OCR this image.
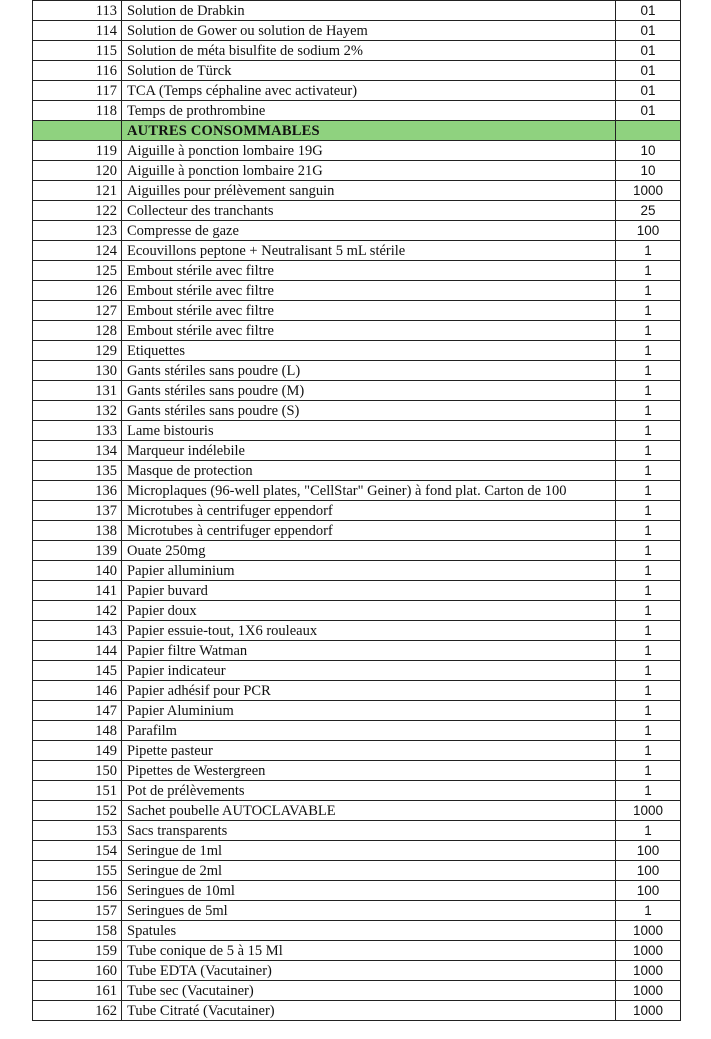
113	Solution de Drabkin	01
114	Solution de Gower ou solution de Hayem	01
115	Solution de méta bisulfite de sodium 2%	01
116	Solution de Türck	01
117	TCA (Temps céphaline avec activateur)	01
118	Temps de prothrombine	01
	AUTRES CONSOMMABLES	
119	Aiguille à ponction lombaire 19G	10
120	Aiguille à ponction lombaire 21G	10
121	Aiguilles pour prélèvement sanguin	1000
122	Collecteur des tranchants	25
123	Compresse de gaze	100
124	Ecouvillons peptone + Neutralisant 5 mL stérile	1
125	Embout stérile avec filtre	1
126	Embout stérile avec filtre	1
127	Embout stérile avec filtre	1
128	Embout stérile avec filtre	1
129	Etiquettes	1
130	Gants stériles sans poudre (L)	1
131	Gants stériles sans poudre (M)	1
132	Gants stériles sans poudre (S)	1
133	Lame bistouris	1
134	Marqueur indélebile	1
135	Masque de protection	1
136	Microplaques (96-well plates, "CellStar" Geiner) à fond plat. Carton de 100	1
137	Microtubes à centrifuger eppendorf	1
138	Microtubes à centrifuger eppendorf	1
139	Ouate 250mg	1
140	Papier alluminium	1
141	Papier buvard	1
142	Papier doux	1
143	Papier essuie-tout, 1X6 rouleaux	1
144	Papier filtre Watman	1
145	Papier indicateur	1
146	Papier adhésif pour PCR	1
147	Papier Aluminium	1
148	Parafilm	1
149	Pipette pasteur	1
150	Pipettes de Westergreen	1
151	Pot de prélèvements	1
152	Sachet poubelle AUTOCLAVABLE	1000
153	Sacs transparents	1
154	Seringue de 1ml	100
155	Seringue de 2ml	100
156	Seringues de 10ml	100
157	Seringues de 5ml	1
158	Spatules	1000
159	Tube conique de 5 à 15 Ml	1000
160	Tube EDTA (Vacutainer)	1000
161	Tube sec (Vacutainer)	1000
162	Tube Citraté (Vacutainer)	1000
